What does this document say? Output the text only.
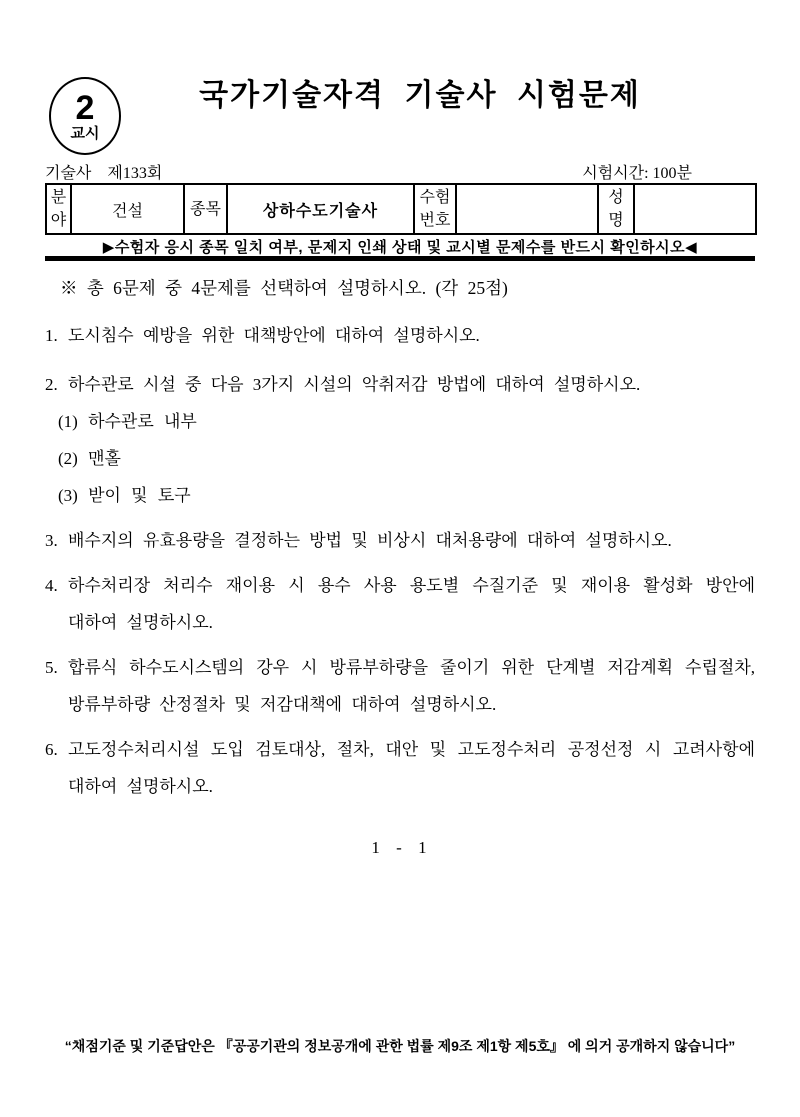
2
교시
국가기술자격 기술사 시험문제
기술사 제133회	시험시간: 100분
분야	건설	종목	상하수도기술사	수험번호		성명	
▶수험자 응시 종목 일치 여부, 문제지 인쇄 상태 및 교시별 문제수를 반드시 확인하시오◀
※ 총 6문제 중 4문제를 선택하여 설명하시오. (각 25점)
1. 도시침수 예방을 위한 대책방안에 대하여 설명하시오.
2. 하수관로 시설 중 다음 3가지 시설의 악취저감 방법에 대하여 설명하시오.
(1) 하수관로 내부
(2) 맨홀
(3) 받이 및 토구
3. 배수지의 유효용량을 결정하는 방법 및 비상시 대처용량에 대하여 설명하시오.
4. 하수처리장 처리수 재이용 시 용수 사용 용도별 수질기준 및 재이용 활성화 방안에
대하여 설명하시오.
5. 합류식 하수도시스템의 강우 시 방류부하량을 줄이기 위한 단계별 저감계획 수립절차,
방류부하량 산정절차 및 저감대책에 대하여 설명하시오.
6. 고도정수처리시설 도입 검토대상, 절차, 대안 및 고도정수처리 공정선정 시 고려사항에
대하여 설명하시오.
1 - 1
“채점기준 및 기준답안은 『공공기관의 정보공개에 관한 법률 제9조 제1항 제5호』 에 의거 공개하지 않습니다”
